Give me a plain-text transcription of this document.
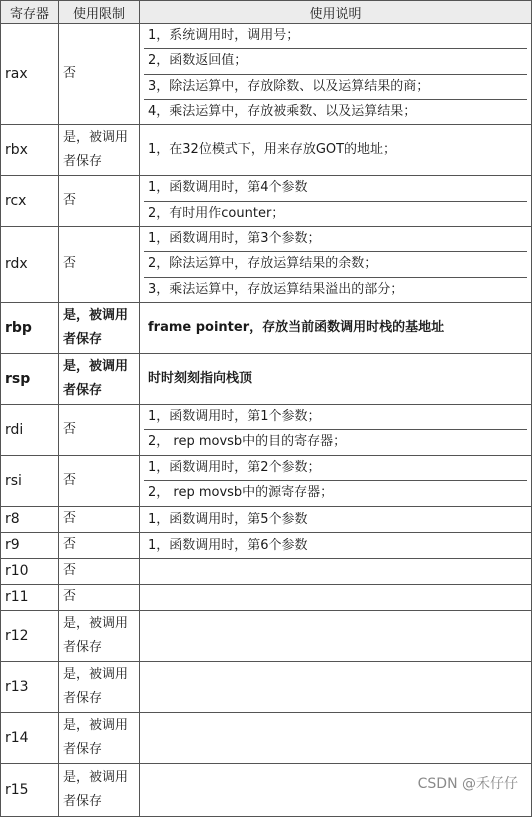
寄存器	使用限制	使用说明
rax	否	1，系统调用时，调用号；
2，函数返回值；
3，除法运算中，存放除数、以及运算结果的商；
4，乘法运算中，存放被乘数、以及运算结果；

rbx	是，被调用者保存	1，在32位模式下，用来存放GOT的地址；

rcx	否	1，函数调用时，第4个参数
2，有时用作counter；

rdx	否	1，函数调用时，第3个参数；
2，除法运算中，存放运算结果的余数；
3，乘法运算中，存放运算结果溢出的部分；

rbp	是，被调用者保存	frame pointer，存放当前函数调用时栈的基地址

rsp	是，被调用者保存	时时刻刻指向栈顶

rdi	否	1，函数调用时，第1个参数；
2， rep movsb中的目的寄存器；

rsi	否	1，函数调用时，第2个参数；
2， rep movsb中的源寄存器；

r8	否	1，函数调用时，第5个参数

r9	否	1，函数调用时，第6个参数

r10	否	

r11	否	

r12	是，被调用者保存	

r13	是，被调用者保存	

r14	是，被调用者保存	

r15	是，被调用者保存	
CSDN @禾仔仔
